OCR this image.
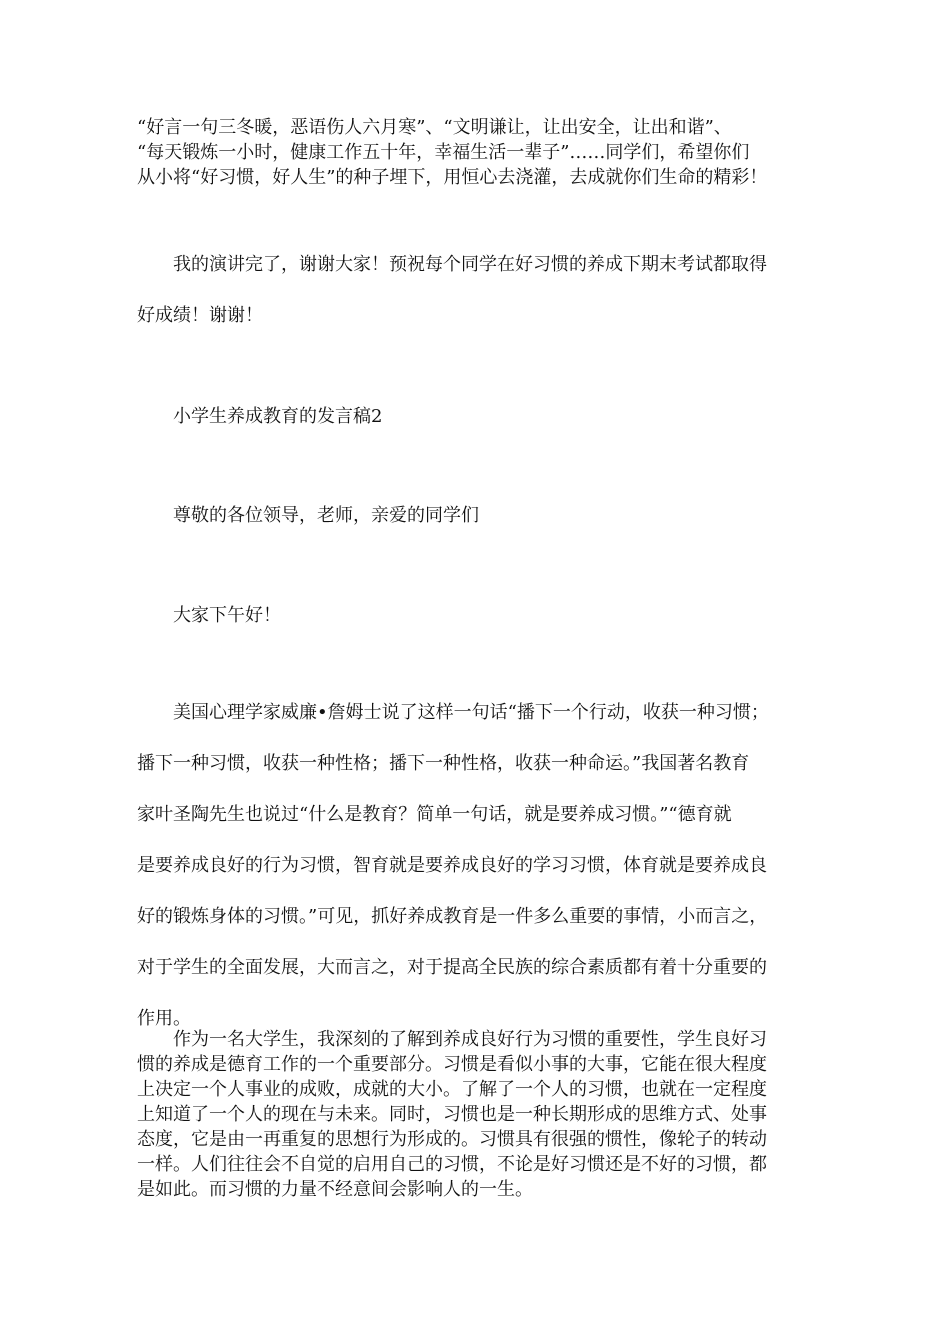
“好言一句三冬暖，恶语伤人六月寒”、“文明谦让，让出安全，让出和谐”、
“每天锻炼一小时，健康工作五十年，幸福生活一辈子”……同学们，希望你们
从小将“好习惯，好人生”的种子埋下，用恒心去浇灌，去成就你们生命的精彩！
　　我的演讲完了，谢谢大家！预祝每个同学在好习惯的养成下期末考试都取得
好成绩！谢谢！
　　小学生养成教育的发言稿2
　　尊敬的各位领导，老师，亲爱的同学们
　　大家下午好！
　　美国心理学家威廉•詹姆士说了这样一句话“播下一个行动，收获一种习惯；
播下一种习惯，收获一种性格；播下一种性格，收获一种命运。”我国著名教育
家叶圣陶先生也说过“什么是教育？简单一句话，就是要养成习惯。”“德育就
是要养成良好的行为习惯，智育就是要养成良好的学习习惯，体育就是要养成良
好的锻炼身体的习惯。”可见，抓好养成教育是一件多么重要的事情，小而言之，
对于学生的全面发展，大而言之，对于提高全民族的综合素质都有着十分重要的
作用。
　　作为一名大学生，我深刻的了解到养成良好行为习惯的重要性，学生良好习
惯的养成是德育工作的一个重要部分。习惯是看似小事的大事，它能在很大程度
上决定一个人事业的成败，成就的大小。了解了一个人的习惯，也就在一定程度
上知道了一个人的现在与未来。同时，习惯也是一种长期形成的思维方式、处事
态度，它是由一再重复的思想行为形成的。习惯具有很强的惯性，像轮子的转动
一样。人们往往会不自觉的启用自己的习惯，不论是好习惯还是不好的习惯，都
是如此。而习惯的力量不经意间会影响人的一生。
